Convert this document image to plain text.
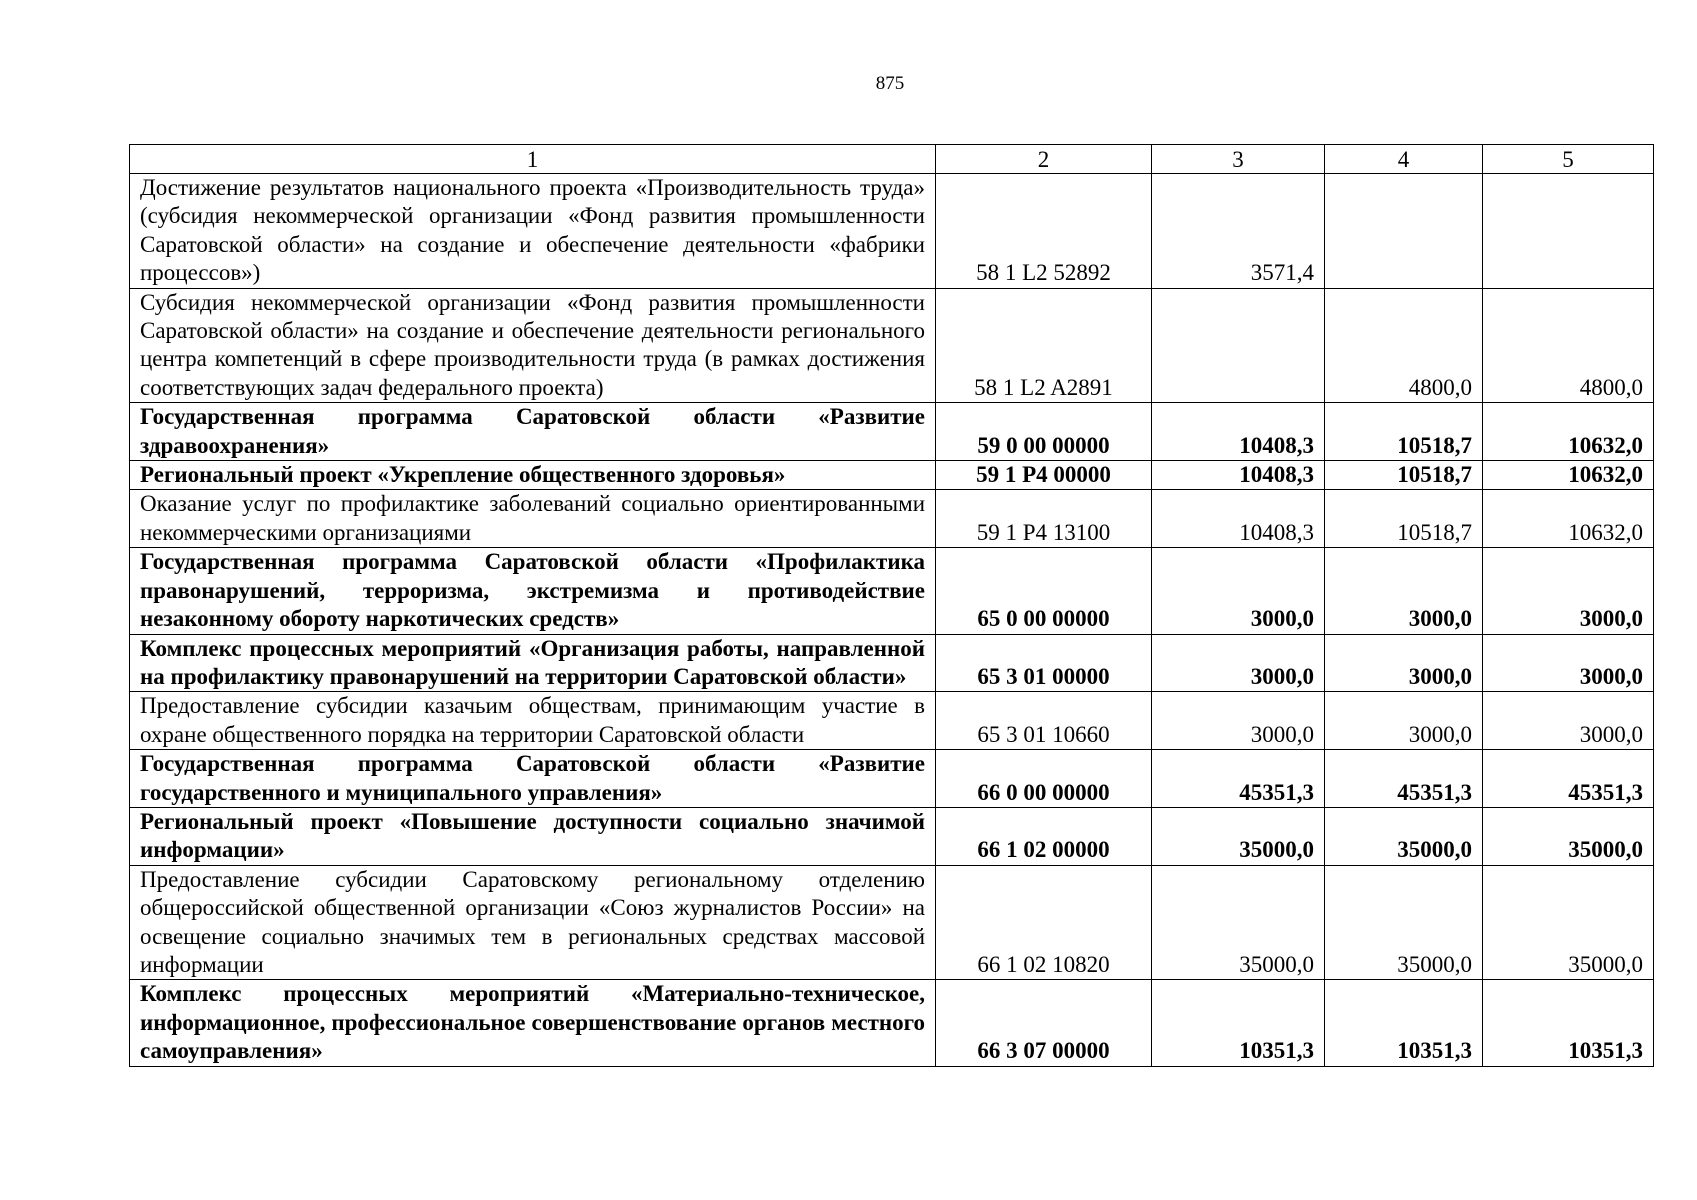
875
1	2	3	4	5
Достижение результатов национального проекта «Производительность труда» (субсидия некоммерческой организации «Фонд развития промышленности Саратовской области» на создание и обеспечение деятельности «фабрики процессов»)	58 1 L2 52892	3571,4		
Субсидия некоммерческой организации «Фонд развития промышленности Саратовской области» на создание и обеспечение деятельности регионального центра компетенций в сфере производительности труда (в рамках достижения соответствующих задач федерального проекта)	58 1 L2 A2891		4800,0	4800,0
Государственная программа Саратовской области «Развитие здравоохранения»	59 0 00 00000	10408,3	10518,7	10632,0
Региональный проект «Укрепление общественного здоровья»	59 1 P4 00000	10408,3	10518,7	10632,0
Оказание услуг по профилактике заболеваний социально ориентированными некоммерческими организациями	59 1 P4 13100	10408,3	10518,7	10632,0
Государственная программа Саратовской области «Профилактика правонарушений, терроризма, экстремизма и противодействие незаконному обороту наркотических средств»	65 0 00 00000	3000,0	3000,0	3000,0
Комплекс процессных мероприятий «Организация работы, направленной на профилактику правонарушений на территории Саратовской области»	65 3 01 00000	3000,0	3000,0	3000,0
Предоставление субсидии казачьим обществам, принимающим участие в охране общественного порядка на территории Саратовской области	65 3 01 10660	3000,0	3000,0	3000,0
Государственная программа Саратовской области «Развитие государственного и муниципального управления»	66 0 00 00000	45351,3	45351,3	45351,3
Региональный проект «Повышение доступности социально значимой информации»	66 1 02 00000	35000,0	35000,0	35000,0
Предоставление субсидии Саратовскому региональному отделению общероссийской общественной организации «Союз журналистов России» на освещение социально значимых тем в региональных средствах массовой информации	66 1 02 10820	35000,0	35000,0	35000,0
Комплекс процессных мероприятий «Материально-техническое, информационное, профессиональное совершенствование органов местного самоуправления»	66 3 07 00000	10351,3	10351,3	10351,3
